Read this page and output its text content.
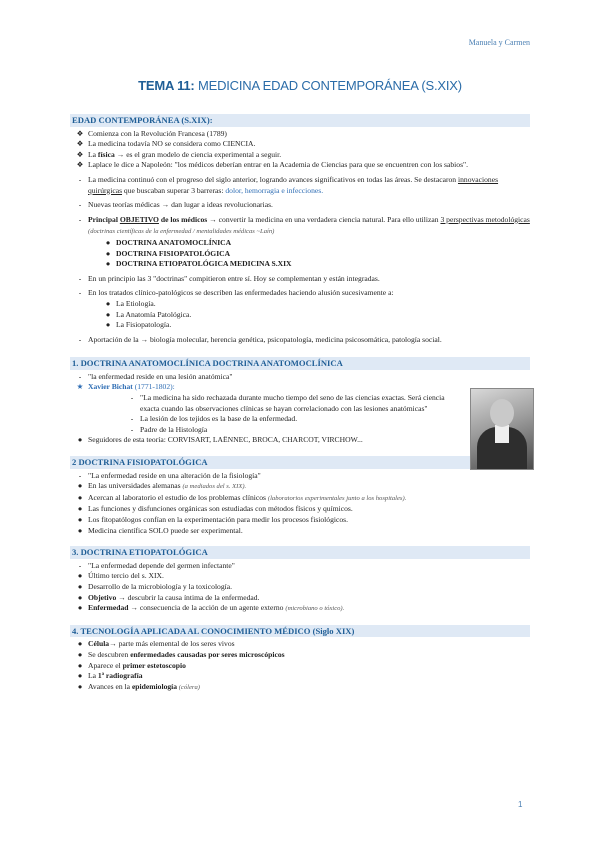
Manuela y Carmen
TEMA 11: MEDICINA EDAD CONTEMPORÁNEA (S.XIX)
EDAD CONTEMPORÁNEA (S.XIX):
❖ Comienza con la Revolución Francesa (1789)
❖ La medicina todavía NO se considera como CIENCIA.
❖ La física → es el gran modelo de ciencia experimental a seguir.
❖ Laplace le dice a Napoleón: "los médicos deberían entrar en la Academia de Ciencias para que se encuentren con los sabios".
- La medicina continuó con el progreso del siglo anterior, logrando avances significativos en todas las áreas. Se destacaron innovaciones quirúrgicas que buscaban superar 3 barreras: dolor, hemorragia e infecciones.
- Nuevas teorías médicas → dan lugar a ideas revolucionarias.
- Principal OBJETIVO de los médicos → convertir la medicina en una verdadera ciencia natural. Para ello utilizan 3 perspectivas metodológicas (doctrinas científicas de la enfermedad / mentalidades médicas ~Laín)
● DOCTRINA ANATOMOCLÍNICA
● DOCTRINA FISIOPATOLÓGICA
● DOCTRINA ETIOPATOLÓGICA MEDICINA S.XIX
- En un principio las 3 "doctrinas" compitieron entre sí. Hoy se complementan y están integradas.
- En los tratados clínico-patológicos se describen las enfermedades haciendo alusión sucesivamente a:
● La Etiología.
● La Anatomía Patológica.
● La Fisiopatología.
- Aportación de la → biología molecular, herencia genética, psicopatología, medicina psicosomática, patología social.
1. DOCTRINA ANATOMOCLÍNICA DOCTRINA ANATOMOCLÍNICA
- "la enfermedad reside en una lesión anatómica"
★ Xavier Bichat (1771-1802):
- "La medicina ha sido rechazada durante mucho tiempo del seno de las ciencias exactas. Será ciencia exacta cuando las observaciones clínicas se hayan correlacionado con las lesiones anatómicas"
- La lesión de los tejidos es la base de la enfermedad.
- Padre de la Histología
● Seguidores de esta teoría: CORVISART, LAËNNEC, BROCA, CHARCOT, VIRCHOW...
2 DOCTRINA FISIOPATOLÓGICA
- "La enfermedad reside en una alteración de la fisiología"
● En las universidades alemanas (a mediados del s. XIX).
● Acercan al laboratorio el estudio de los problemas clínicos (laboratorios experimentales junto a los hospitales).
● Las funciones y disfunciones orgánicas son estudiadas con métodos físicos y químicos.
● Los fitopatólogos confían en la experimentación para medir los procesos fisiológicos.
● Medicina científica SOLO puede ser experimental.
3. DOCTRINA ETIOPATOLÓGICA
- "La enfermedad depende del germen infectante"
● Último tercio del s. XIX.
● Desarrollo de la microbiología y la toxicología.
● Objetivo → descubrir la causa íntima de la enfermedad.
● Enfermedad → consecuencia de la acción de un agente externo (microbiano o tóxico).
4. TECNOLOGÍA APLICADA AL CONOCIMIENTO MÉDICO (Siglo XIX)
● Célula→ parte más elemental de los seres vivos
● Se descubren enfermedades causadas por seres microscópicos
● Aparece el primer estetoscopio
● La 1ª radiografía
● Avances en la epidemiología (cólera)
1
